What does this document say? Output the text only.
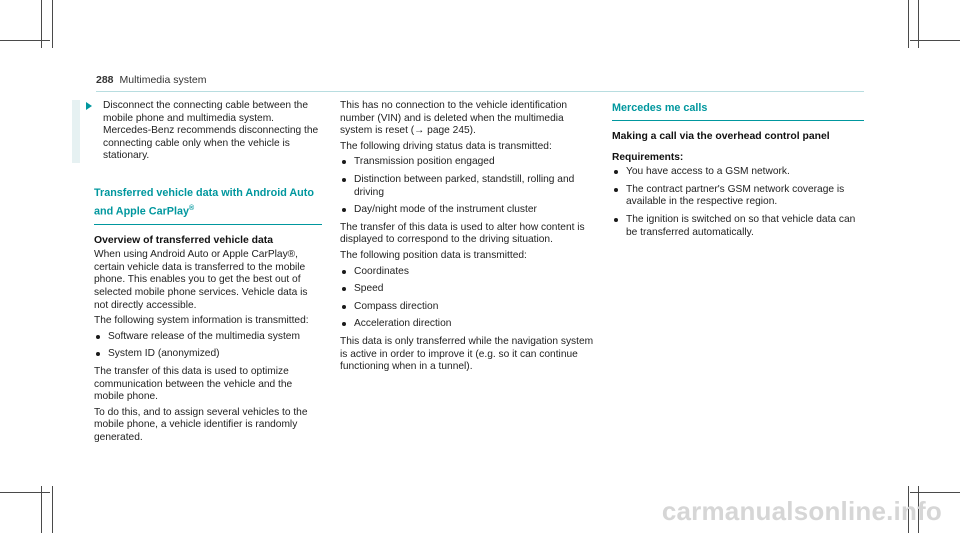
288 Multimedia system
Disconnect the connecting cable between the mobile phone and multimedia system. Mercedes-Benz recommends disconnecting the connecting cable only when the vehicle is stationary.
Transferred vehicle data with Android Auto
and Apple CarPlay®
Overview of transferred vehicle data

When using Android Auto or Apple CarPlay®, certain vehicle data is transferred to the mobile phone. This enables you to get the best out of selected mobile phone services. Vehicle data is not directly accessible.

The following system information is transmitted:

Software release of the multimedia system
System ID (anonymized)

The transfer of this data is used to optimize communication between the vehicle and the mobile phone.

To do this, and to assign several vehicles to the mobile phone, a vehicle identifier is randomly generated.

This has no connection to the vehicle identification number (VIN) and is deleted when the multimedia system is reset (→ page 245).

The following driving status data is transmitted:

Transmission position engaged
Distinction between parked, standstill, rolling and driving
Day/night mode of the instrument cluster

The transfer of this data is used to alter how content is displayed to correspond to the driving situation.

The following position data is transmitted:

Coordinates
Speed
Compass direction
Acceleration direction

This data is only transferred while the navigation system is active in order to improve it (e.g. so it can continue functioning when in a tunnel).

Mercedes me calls
Making a call via the overhead control panel
Requirements:
You have access to a GSM network.
The contract partner's GSM network coverage is available in the respective region.
The ignition is switched on so that vehicle data can be transferred automatically.
carmanualsonline.info
